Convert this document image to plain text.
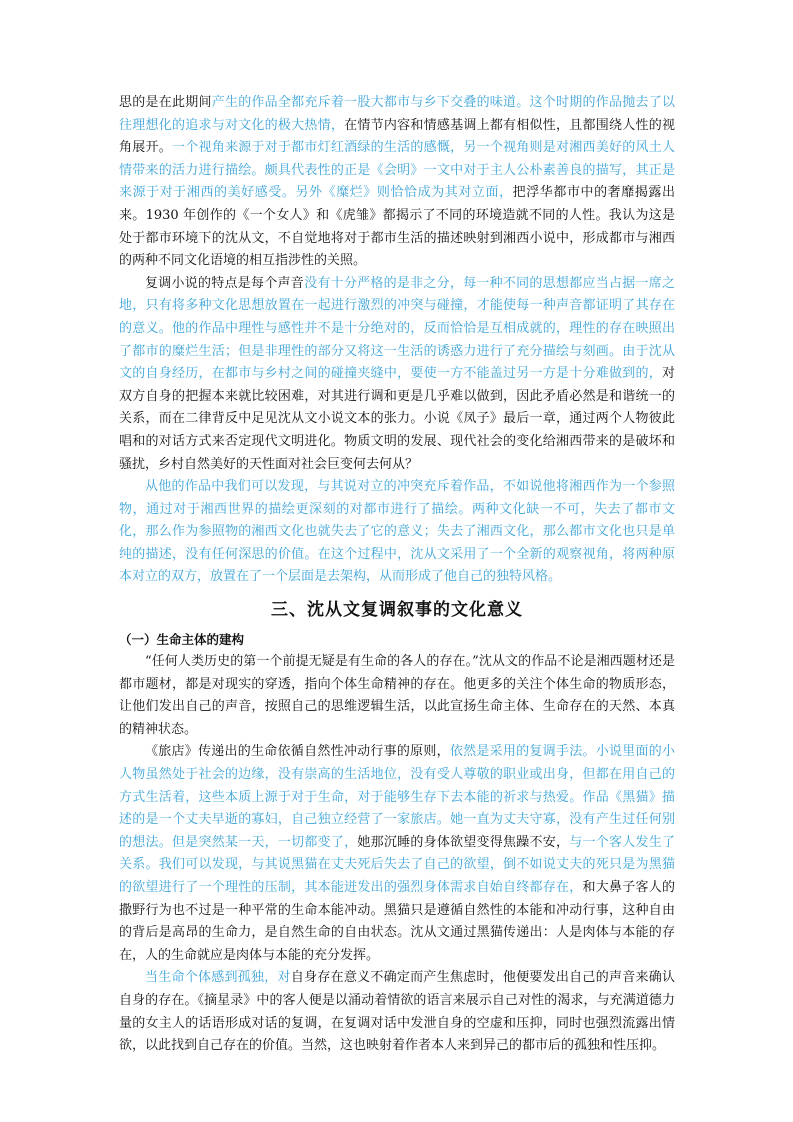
思的是在此期间产生的作品全都充斥着一股大都市与乡下交叠的味道。这个时期的作品抛去了以往理想化的追求与对文化的极大热情，在情节内容和情感基调上都有相似性，且都围绕人性的视角展开。一个视角来源于对于都市灯红酒绿的生活的感慨，另一个视角则是对湘西美好的风土人情带来的活力进行描绘。颇具代表性的正是《会明》一文中对于主人公朴素善良的描写，其正是来源于对于湘西的美好感受。另外《糜烂》则恰恰成为其对立面，把浮华都市中的奢靡揭露出来。1930 年创作的《一个女人》和《虎雏》都揭示了不同的环境造就不同的人性。我认为这是处于都市环境下的沈从文，不自觉地将对于都市生活的描述映射到湘西小说中，形成都市与湘西的两种不同文化语境的相互指涉性的关照。

复调小说的特点是每个声音没有十分严格的是非之分，每一种不同的思想都应当占据一席之地，只有将多种文化思想放置在一起进行激烈的冲突与碰撞，才能使每一种声音都证明了其存在的意义。他的作品中理性与感性并不是十分绝对的，反而恰恰是互相成就的，理性的存在映照出了都市的糜烂生活；但是非理性的部分又将这一生活的诱惑力进行了充分描绘与刻画。由于沈从文的自身经历，在都市与乡村之间的碰撞夹缝中，要使一方不能盖过另一方是十分难做到的，对双方自身的把握本来就比较困难，对其进行调和更是几乎难以做到，因此矛盾必然是和谐统一的关系，而在二律背反中足见沈从文小说文本的张力。小说《凤子》最后一章，通过两个人物彼此唱和的对话方式来否定现代文明进化。物质文明的发展、现代社会的变化给湘西带来的是破坏和骚扰，乡村自然美好的天性面对社会巨变何去何从？

从他的作品中我们可以发现，与其说对立的冲突充斥着作品，不如说他将湘西作为一个参照物，通过对于湘西世界的描绘更深刻的对都市进行了描绘。两种文化缺一不可，失去了都市文化，那么作为参照物的湘西文化也就失去了它的意义；失去了湘西文化，那么都市文化也只是单纯的描述，没有任何深思的价值。在这个过程中，沈从文采用了一个全新的观察视角，将两种原本对立的双方，放置在了一个层面是去架构，从而形成了他自己的独特风格。

三、沈从文复调叙事的文化意义
（一）生命主体的建构

“任何人类历史的第一个前提无疑是有生命的各人的存在。”沈从文的作品不论是湘西题材还是都市题材，都是对现实的穿透，指向个体生命精神的存在。他更多的关注个体生命的物质形态，让他们发出自己的声音，按照自己的思维逻辑生活，以此宣扬生命主体、生命存在的天然、本真的精神状态。

《旅店》传递出的生命依循自然性冲动行事的原则，依然是采用的复调手法。小说里面的小人物虽然处于社会的边缘，没有崇高的生活地位，没有受人尊敬的职业或出身，但都在用自己的方式生活着，这些本质上源于对于生命，对于能够生存下去本能的祈求与热爱。作品《黑猫》描述的是一个丈夫早逝的寡妇，自己独立经营了一家旅店。她一直为丈夫守寡，没有产生过任何别的想法。但是突然某一天，一切都变了，她那沉睡的身体欲望变得焦躁不安，与一个客人发生了关系。我们可以发现，与其说黑猫在丈夫死后失去了自己的欲望，倒不如说丈夫的死只是为黑猫的欲望进行了一个理性的压制，其本能迸发出的强烈身体需求自始自终都存在，和大鼻子客人的撒野行为也不过是一种平常的生命本能冲动。黑猫只是遵循自然性的本能和冲动行事，这种自由的背后是高昂的生命力，是自然生命的自由状态。沈从文通过黑猫传递出：人是肉体与本能的存在，人的生命就应是肉体与本能的充分发挥。

当生命个体感到孤独，对自身存在意义不确定而产生焦虑时，他便要发出自己的声音来确认自身的存在。《摘星录》中的客人便是以涌动着情欲的语言来展示自己对性的渴求，与充满道德力量的女主人的话语形成对话的复调，在复调对话中发泄自身的空虚和压抑，同时也强烈流露出情欲，以此找到自己存在的价值。当然，这也映射着作者本人来到异己的都市后的孤独和性压抑。
